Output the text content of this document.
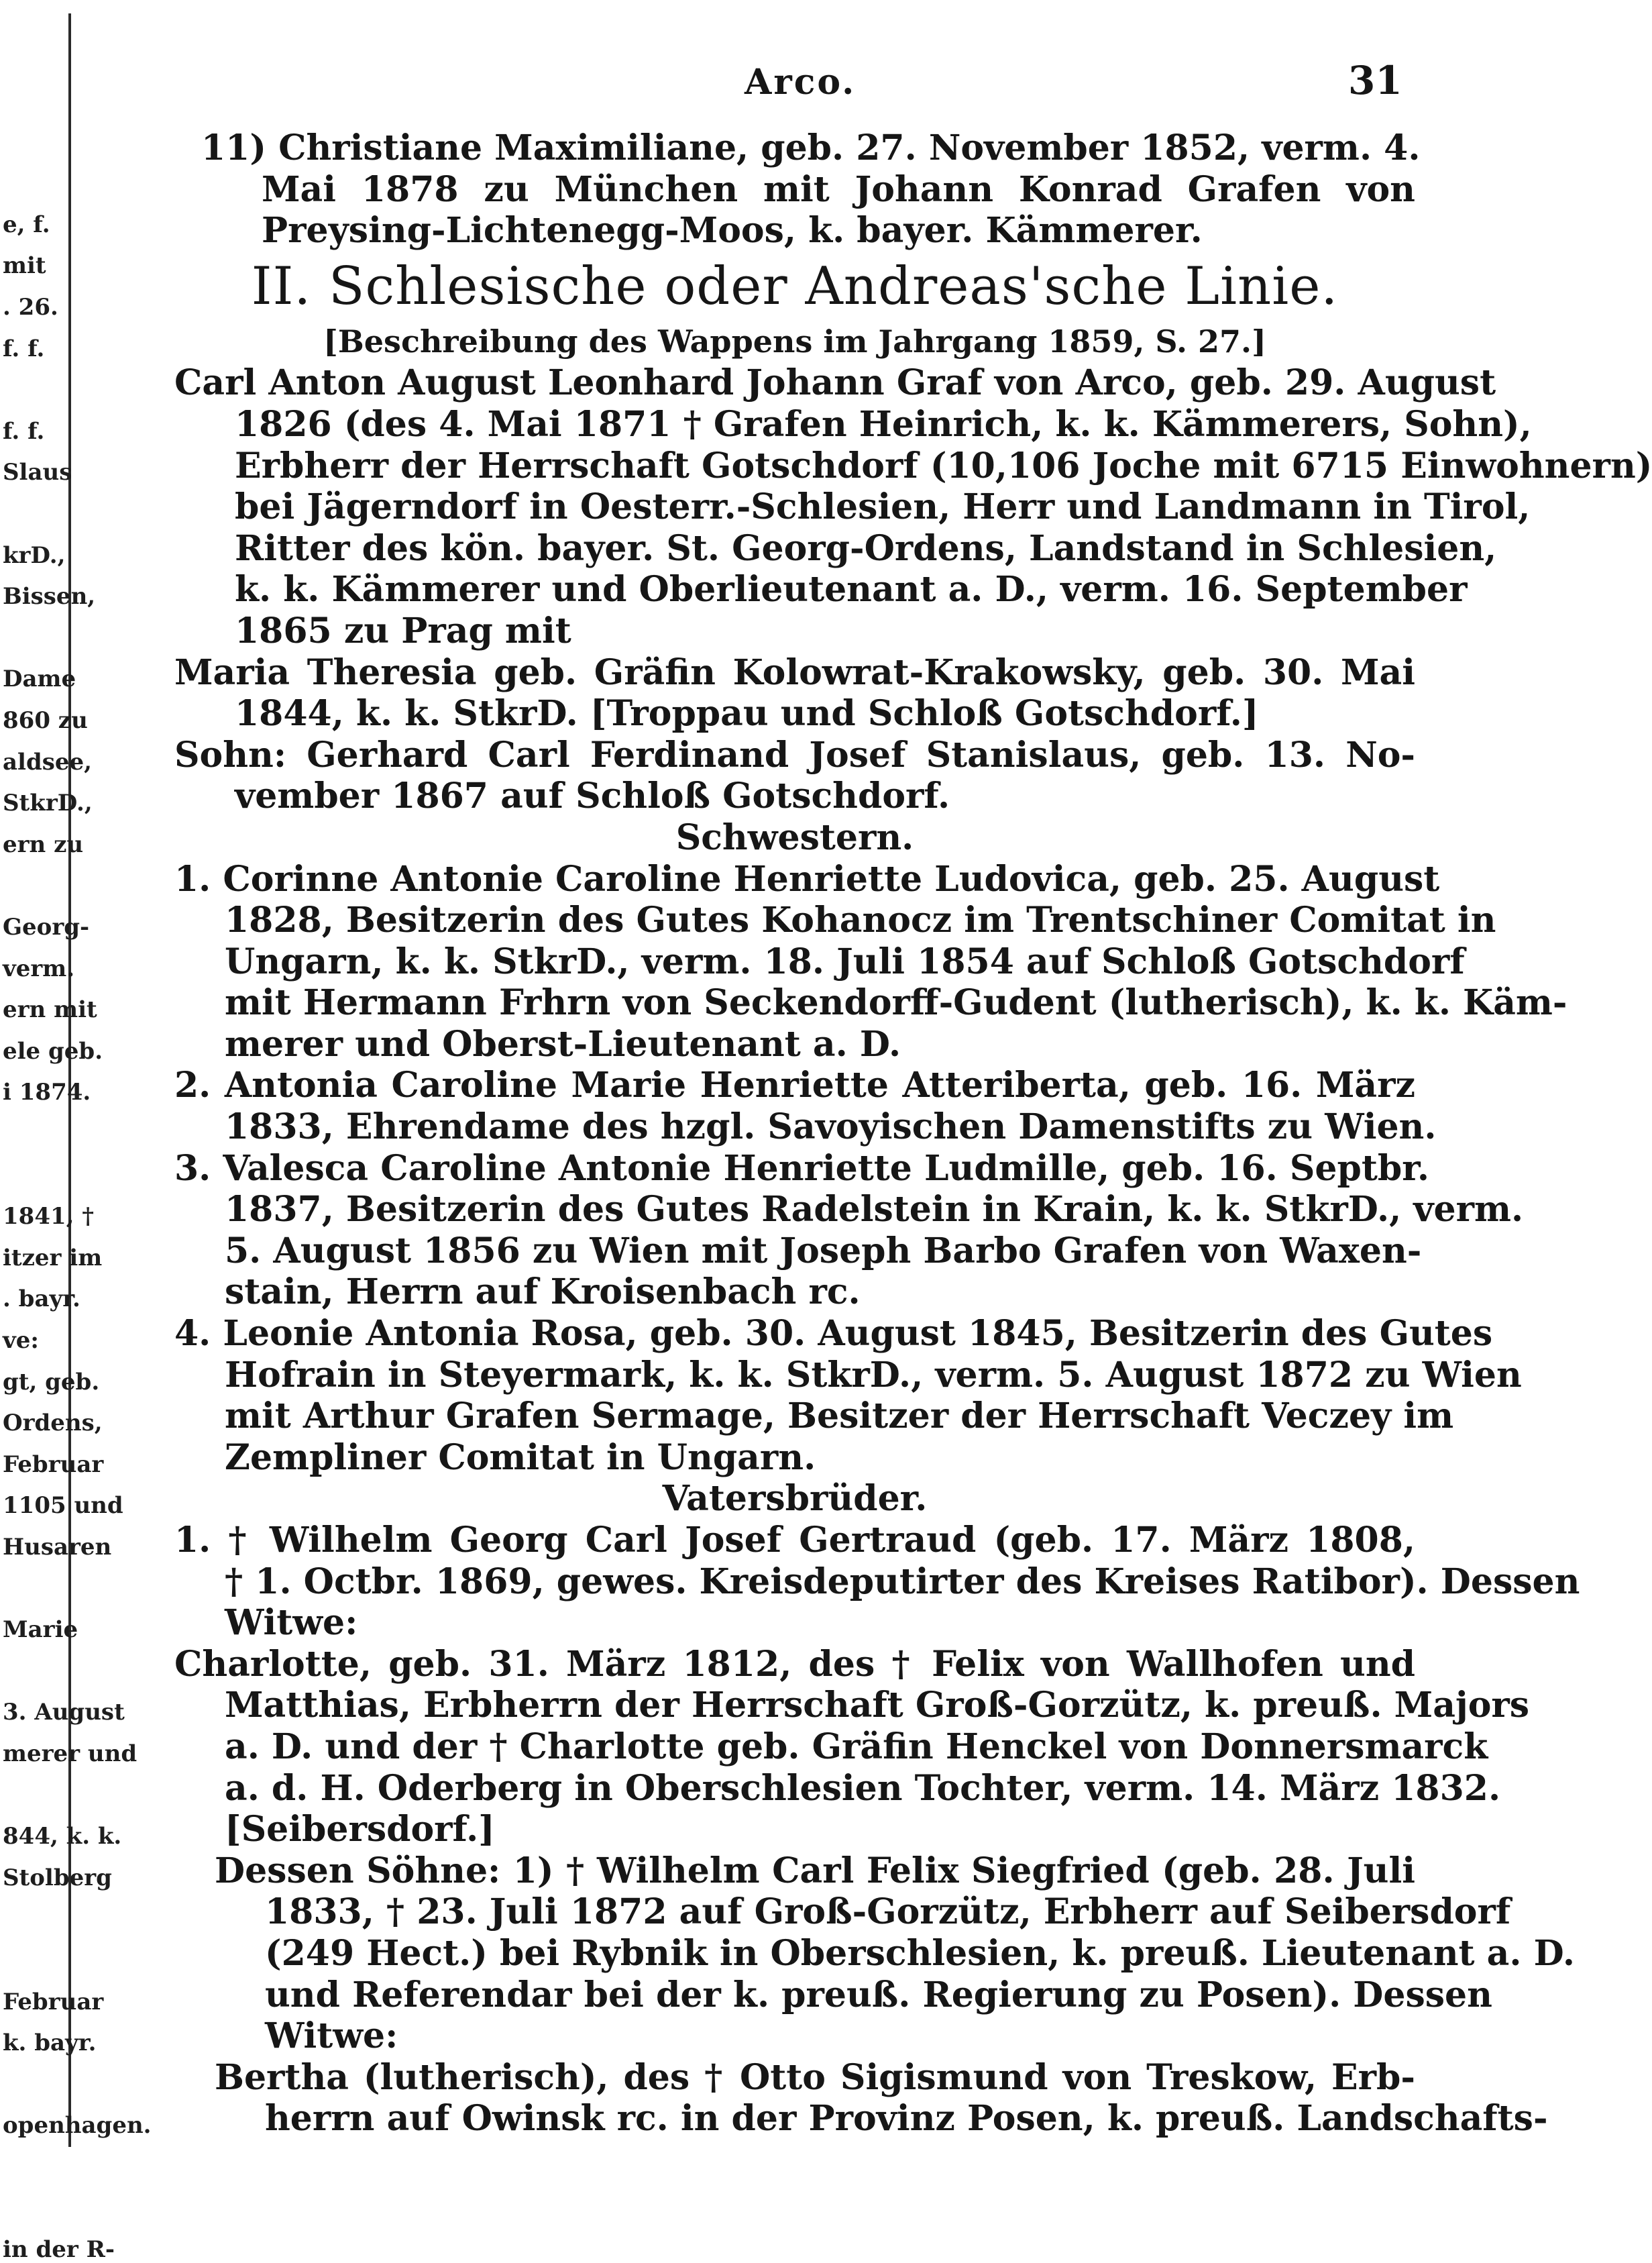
e, f.
mit
. 26.
f. f.
f. f.
Slaus
krD.,
Bissen,
Dame
860 zu
aldsee,
StkrD.,
ern zu
Georg-
verm.
ern mit
ele geb.
i 1874.
1841, †
itzer im
. bayr.
ve:
gt, geb.
Ordens,
Februar
1105 und
Husaren
Marie
3. August
merer und
844, k. k.
Stolberg
Februar
k. bayr.
openhagen.
in der R-
Arco.	31
11) Christiane Maximiliane, geb. 27. November 1852, verm. 4.
Mai 1878 zu München mit Johann Konrad Grafen von
Preysing-Lichtenegg-Moos, k. bayer. Kämmerer.
II. Schlesische oder Andreas'sche Linie.
[Beschreibung des Wappens im Jahrgang 1859, S. 27.]
Carl Anton August Leonhard Johann Graf von Arco, geb. 29. August
1826 (des 4. Mai 1871 † Grafen Heinrich, k. k. Kämmerers, Sohn),
Erbherr der Herrschaft Gotschdorf (10,106 Joche mit 6715 Einwohnern)
bei Jägerndorf in Oesterr.-Schlesien, Herr und Landmann in Tirol,
Ritter des kön. bayer. St. Georg-Ordens, Landstand in Schlesien,
k. k. Kämmerer und Oberlieutenant a. D., verm. 16. September
1865 zu Prag mit
Maria Theresia geb. Gräfin Kolowrat-Krakowsky, geb. 30. Mai
1844, k. k. StkrD. [Troppau und Schloß Gotschdorf.]
Sohn: Gerhard Carl Ferdinand Josef Stanislaus, geb. 13. No-
vember 1867 auf Schloß Gotschdorf.
Schwestern.
1. Corinne Antonie Caroline Henriette Ludovica, geb. 25. August
1828, Besitzerin des Gutes Kohanocz im Trentschiner Comitat in
Ungarn, k. k. StkrD., verm. 18. Juli 1854 auf Schloß Gotschdorf
mit Hermann Frhrn von Seckendorff-Gudent (lutherisch), k. k. Käm-
merer und Oberst-Lieutenant a. D.
2. Antonia Caroline Marie Henriette Atteriberta, geb. 16. März
1833, Ehrendame des hzgl. Savoyischen Damenstifts zu Wien.
3. Valesca Caroline Antonie Henriette Ludmille, geb. 16. Septbr.
1837, Besitzerin des Gutes Radelstein in Krain, k. k. StkrD., verm.
5. August 1856 zu Wien mit Joseph Barbo Grafen von Waxen-
stain, Herrn auf Kroisenbach rc.
4. Leonie Antonia Rosa, geb. 30. August 1845, Besitzerin des Gutes
Hofrain in Steyermark, k. k. StkrD., verm. 5. August 1872 zu Wien
mit Arthur Grafen Sermage, Besitzer der Herrschaft Veczey im
Zempliner Comitat in Ungarn.
Vatersbrüder.
1. † Wilhelm Georg Carl Josef Gertraud (geb. 17. März 1808,
† 1. Octbr. 1869, gewes. Kreisdeputirter des Kreises Ratibor). Dessen
Witwe:
Charlotte, geb. 31. März 1812, des † Felix von Wallhofen und
Matthias, Erbherrn der Herrschaft Groß-Gorzütz, k. preuß. Majors
a. D. und der † Charlotte geb. Gräfin Henckel von Donnersmarck
a. d. H. Oderberg in Oberschlesien Tochter, verm. 14. März 1832.
[Seibersdorf.]
Dessen Söhne: 1) † Wilhelm Carl Felix Siegfried (geb. 28. Juli
1833, † 23. Juli 1872 auf Groß-Gorzütz, Erbherr auf Seibersdorf
(249 Hect.) bei Rybnik in Oberschlesien, k. preuß. Lieutenant a. D.
und Referendar bei der k. preuß. Regierung zu Posen). Dessen
Witwe:
Bertha (lutherisch), des † Otto Sigismund von Treskow, Erb-
herrn auf Owinsk rc. in der Provinz Posen, k. preuß. Landschafts-
